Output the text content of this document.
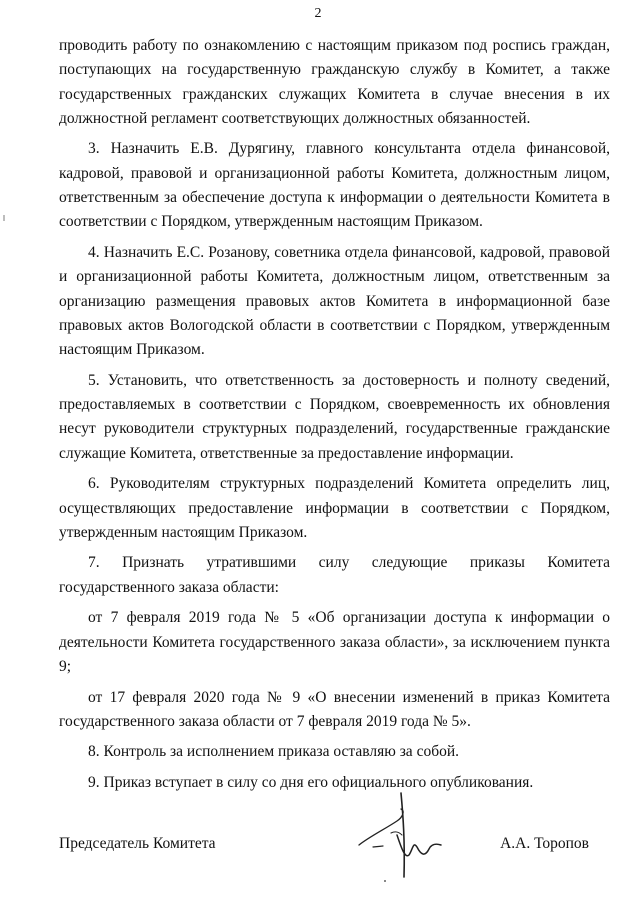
2

проводить работу по ознакомлению с настоящим приказом под роспись граждан, поступающих на государственную гражданскую службу в Комитет, а также государственных гражданских служащих Комитета в случае внесения в их должностной регламент соответствующих должностных обязанностей.

3. Назначить Е.В. Дурягину, главного консультанта отдела финансовой, кадровой, правовой и организационной работы Комитета, должностным лицом, ответственным за обеспечение доступа к информации о деятельности Комитета в соответствии с Порядком, утвержденным настоящим Приказом.

4. Назначить Е.С. Розанову, советника отдела финансовой, кадровой, правовой и организационной работы Комитета, должностным лицом, ответственным за организацию размещения правовых актов Комитета в информационной базе правовых актов Вологодской области в соответствии с Порядком, утвержденным настоящим Приказом.

5. Установить, что ответственность за достоверность и полноту сведений, предоставляемых в соответствии с Порядком, своевременность их обновления несут руководители структурных подразделений, государственные гражданские служащие Комитета, ответственные за предоставление информации.

6. Руководителям структурных подразделений Комитета определить лиц, осуществляющих предоставление информации в соответствии с Порядком, утвержденным настоящим Приказом.

7. Признать утратившими силу следующие приказы Комитета государственного заказа области:

от 7 февраля 2019 года № 5 «Об организации доступа к информации о деятельности Комитета государственного заказа области», за исключением пункта 9;

от 17 февраля 2020 года № 9 «О внесении изменений в приказ Комитета государственного заказа области от 7 февраля 2019 года № 5».

8. Контроль за исполнением приказа оставляю за собой.

9. Приказ вступает в силу со дня его официального опубликования.

Председатель Комитета	А.А. Торопов
